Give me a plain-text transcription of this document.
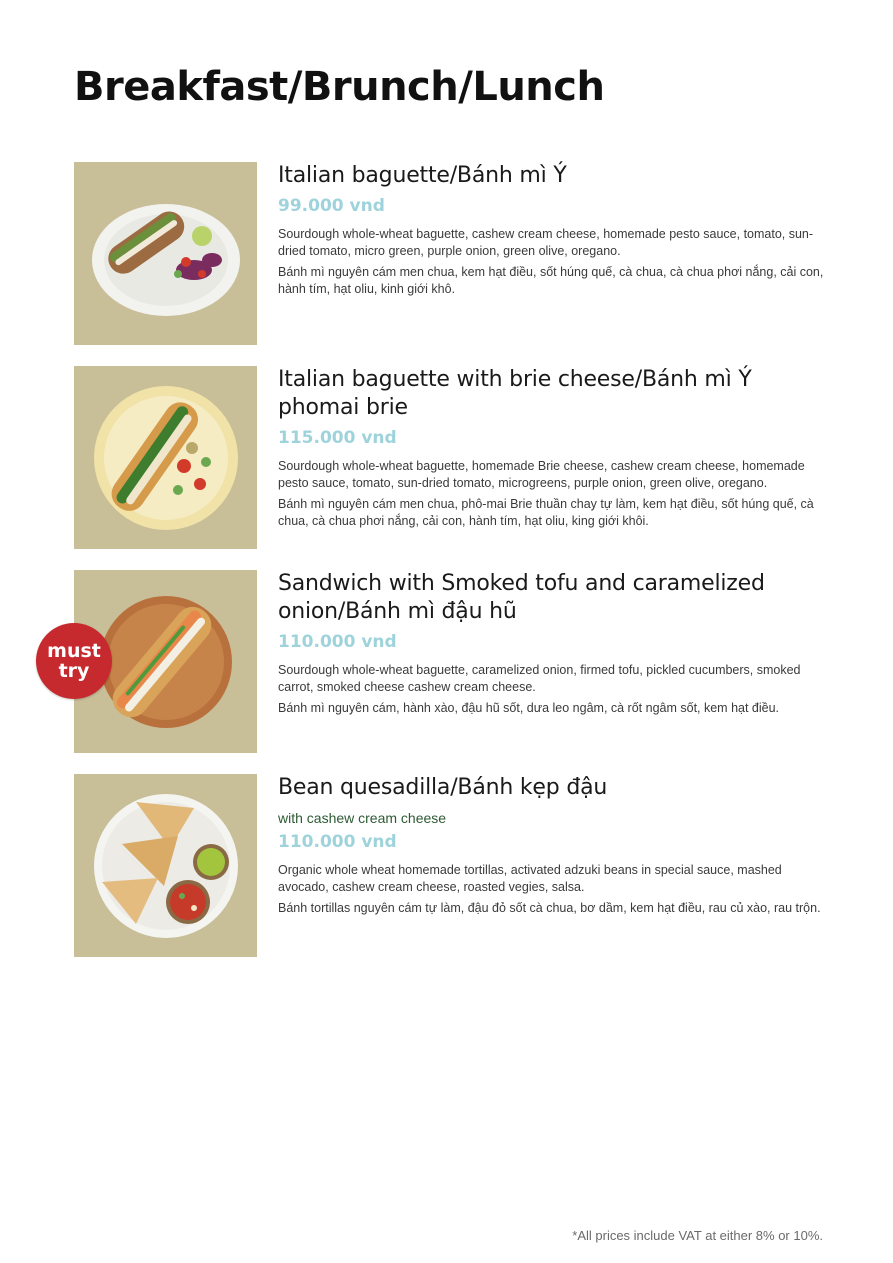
Breakfast/Brunch/Lunch
Italian baguette/Bánh mì Ý

99.000 vnd

Sourdough whole-wheat baguette, cashew cream cheese, homemade pesto sauce, tomato, sun-dried tomato, micro green, purple onion, green olive, oregano.

Bánh mì nguyên cám men chua, kem hạt điều, sốt húng quế, cà chua, cà chua phơi nắng, cải con, hành tím, hạt oliu, kinh giới khô.

Italian baguette with brie cheese/Bánh mì Ý phomai brie

115.000 vnd

Sourdough whole-wheat baguette, homemade Brie cheese, cashew cream cheese, homemade pesto sauce, tomato, sun-dried tomato, microgreens, purple onion, green olive, oregano.

Bánh mì nguyên cám men chua, phô-mai Brie thuần chay tự làm, kem hạt điều, sốt húng quế, cà chua, cà chua phơi nắng, cải con, hành tím, hạt oliu, king giới khôi.

must
try
Sandwich with Smoked tofu and caramelized onion/Bánh mì đậu hũ

110.000 vnd

Sourdough whole-wheat baguette, caramelized onion, firmed tofu, pickled cucumbers, smoked carrot, smoked cheese cashew cream cheese.

Bánh mì nguyên cám, hành xào, đậu hũ sốt, dưa leo ngâm, cà rốt ngâm sốt, kem hạt điều.

Bean quesadilla/Bánh kẹp đậu

with cashew cream cheese

110.000 vnd

Organic whole wheat homemade tortillas, activated adzuki beans in special sauce, mashed avocado, cashew cream cheese, roasted vegies, salsa.

Bánh tortillas nguyên cám tự làm, đậu đỏ sốt cà chua, bơ dầm, kem hạt điều, rau củ xào, rau trộn.

*All prices include VAT at either 8% or 10%.
